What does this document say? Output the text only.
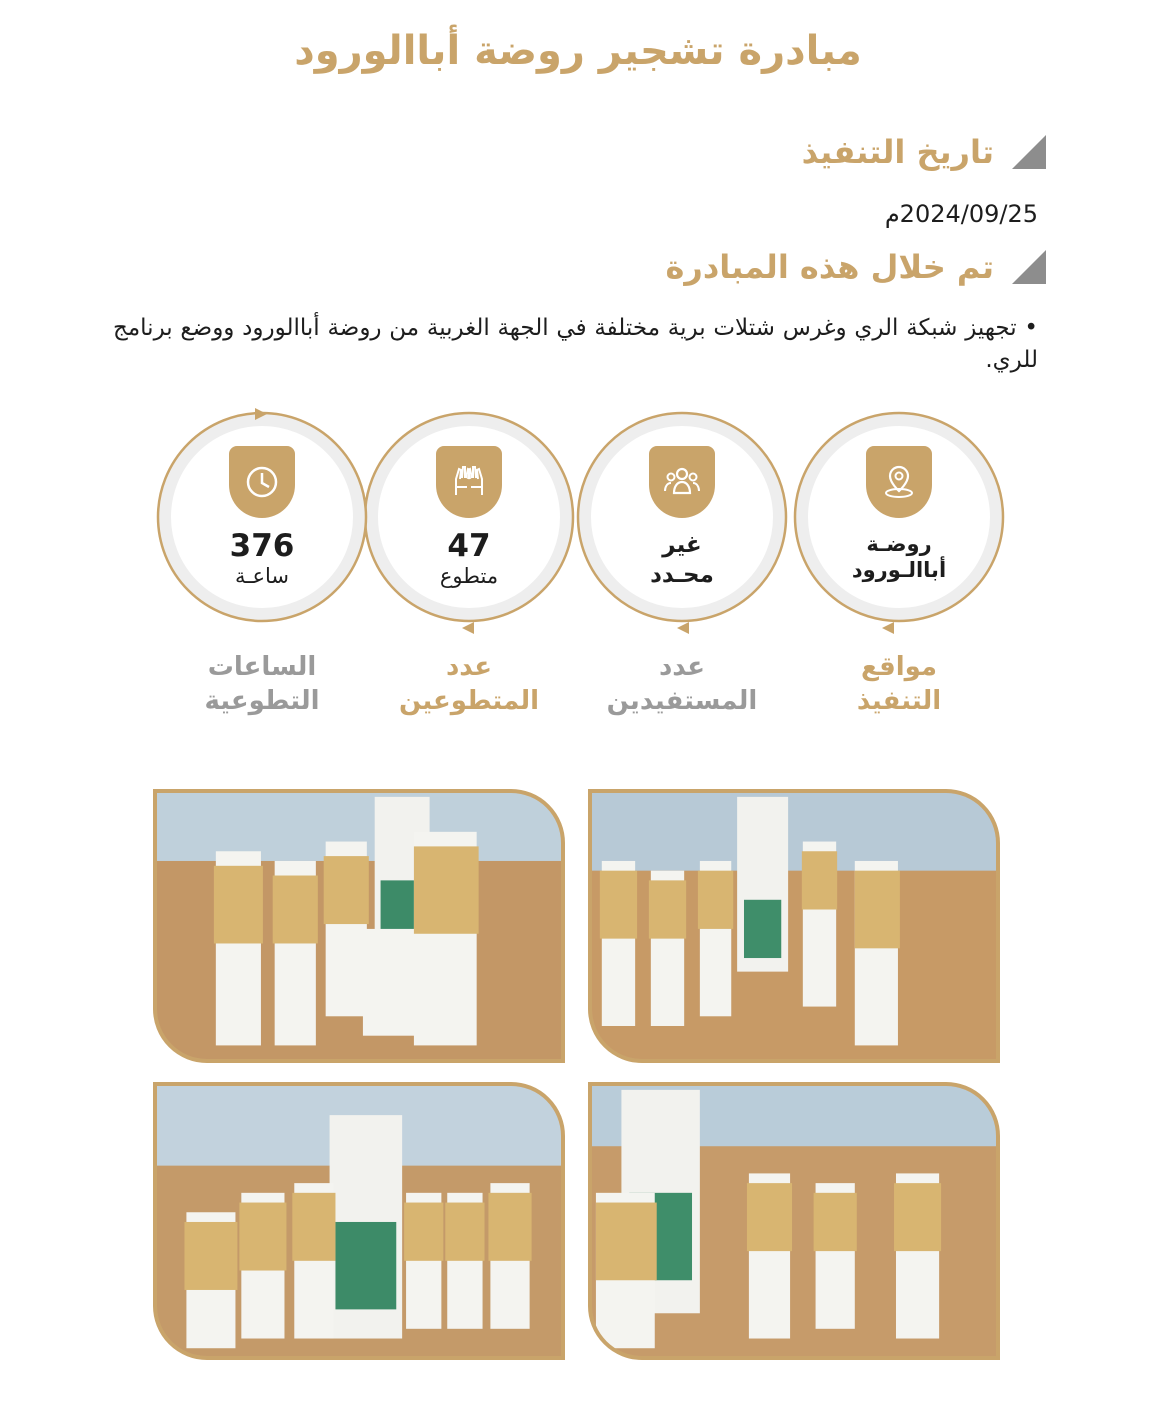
مبادرة تشجير روضة أباالورود
تاريخ التنفيذ
2024/09/25م
تم خلال هذه المبادرة
• تجهيز شبكة الري وغرس شتلات برية مختلفة في الجهة الغربية من روضة أباالورود ووضع برنامج للري.
روضـة
أباالـورود
مواقع
التنفيذ
غير
محـدد
عدد
المستفيدين
47
متطوع
عدد
المتطوعين
376
ساعـة
الساعات
التطوعية
